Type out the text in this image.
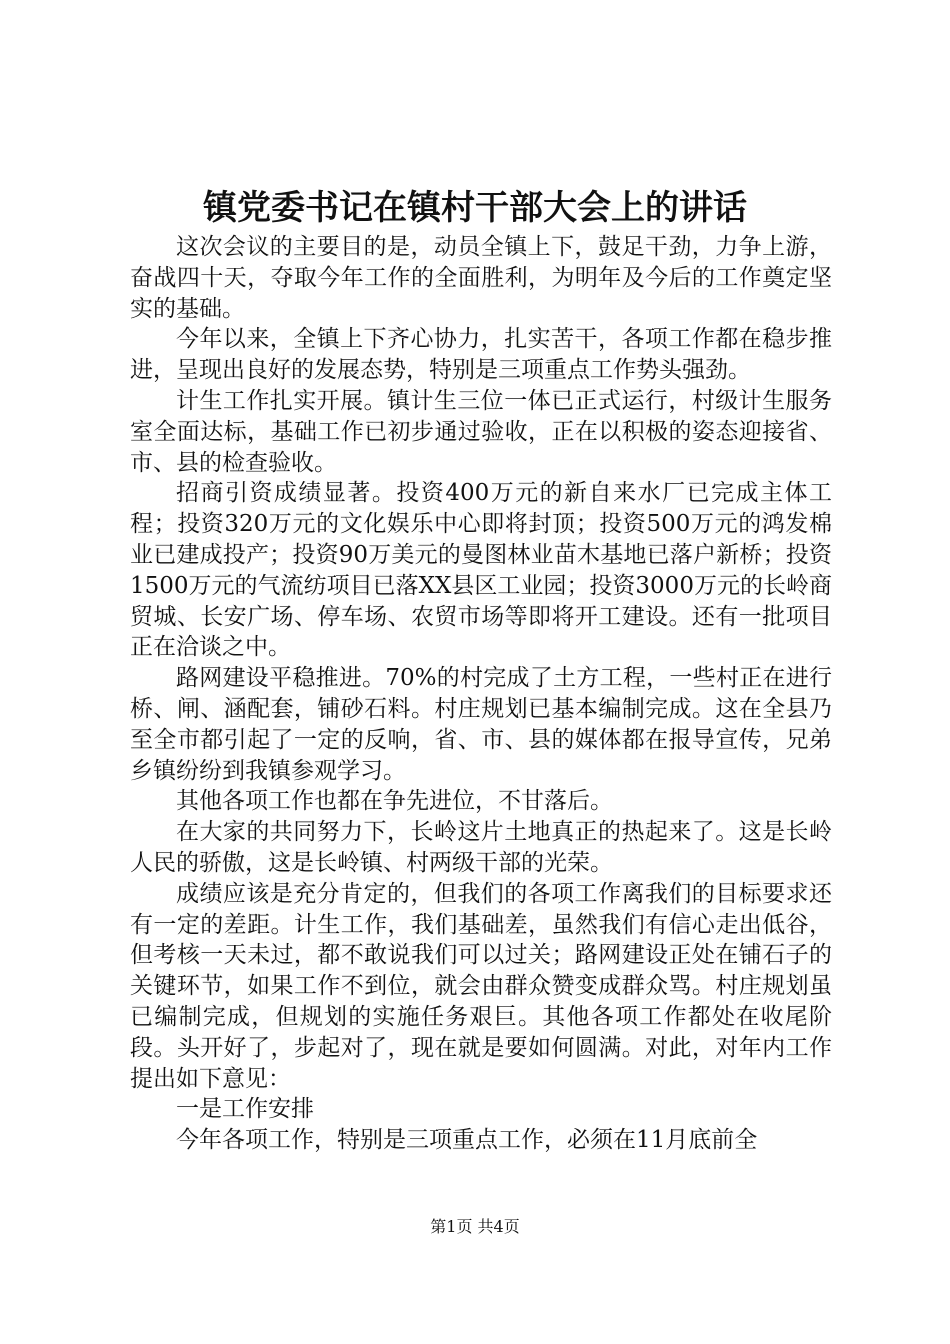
镇党委书记在镇村干部大会上的讲话

这次会议的主要目的是，动员全镇上下，鼓足干劲，力争上游，奋战四十天，夺取今年工作的全面胜利，为明年及今后的工作奠定坚实的基础。

今年以来，全镇上下齐心协力，扎实苦干，各项工作都在稳步推进，呈现出良好的发展态势，特别是三项重点工作势头强劲。

计生工作扎实开展。镇计生三位一体已正式运行，村级计生服务室全面达标，基础工作已初步通过验收，正在以积极的姿态迎接省、市、县的检查验收。

招商引资成绩显著。投资400万元的新自来水厂已完成主体工程；投资320万元的文化娱乐中心即将封顶；投资500万元的鸿发棉业已建成投产；投资90万美元的曼图林业苗木基地已落户新桥；投资1500万元的气流纺项目已落XX县区工业园；投资3000万元的长岭商贸城、长安广场、停车场、农贸市场等即将开工建设。还有一批项目正在洽谈之中。

路网建设平稳推进。70%的村完成了土方工程，一些村正在进行桥、闸、涵配套，铺砂石料。村庄规划已基本编制完成。这在全县乃至全市都引起了一定的反响，省、市、县的媒体都在报导宣传，兄弟乡镇纷纷到我镇参观学习。

其他各项工作也都在争先进位，不甘落后。

在大家的共同努力下，长岭这片土地真正的热起来了。这是长岭人民的骄傲，这是长岭镇、村两级干部的光荣。

成绩应该是充分肯定的，但我们的各项工作离我们的目标要求还有一定的差距。计生工作，我们基础差，虽然我们有信心走出低谷，但考核一天未过，都不敢说我们可以过关；路网建设正处在铺石子的关键环节，如果工作不到位，就会由群众赞变成群众骂。村庄规划虽已编制完成，但规划的实施任务艰巨。其他各项工作都处在收尾阶段。头开好了，步起对了，现在就是要如何圆满。对此，对年内工作提出如下意见：

一是工作安排

今年各项工作，特别是三项重点工作，必须在11月底前全

第1页 共4页
